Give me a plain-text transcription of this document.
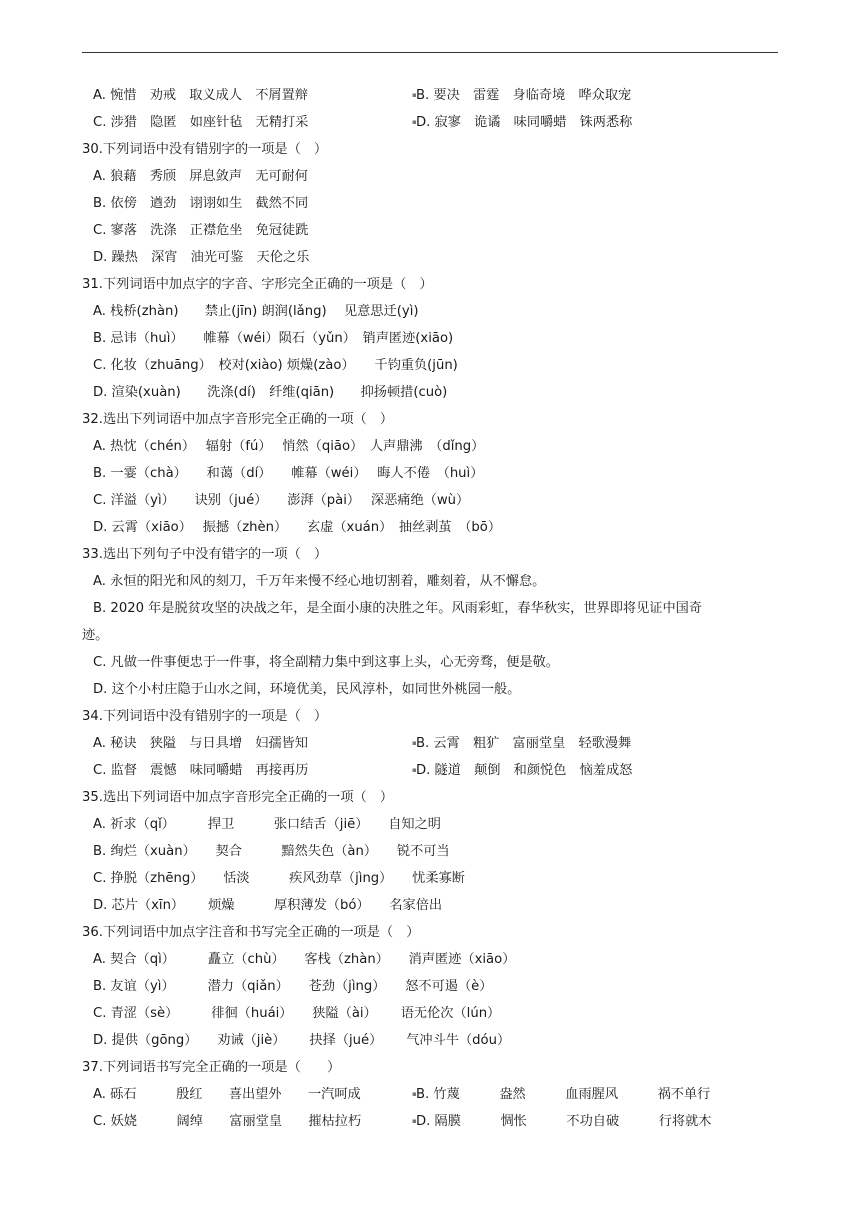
A. 惋惜　劝戒　取义成人　不屑置辩	▪ B. 要决　雷霆　身临奇境　哗众取宠
C. 涉猎　隐匿　如座针毡　无精打采	▪ D. 寂寥　诡谲　味同嚼蜡　铢两悉称
30.下列词语中没有错别字的一项是（　）
A. 狼藉　秀颀　屏息敛声　无可耐何
B. 依傍　遒劲　诩诩如生　截然不同
C. 寥落　洗涤　正襟危坐　免冠徒跣
D. 躁热　深宵　油光可鉴　天伦之乐
31.下列词语中加点字的字音、字形完全正确的一项是（　）
A. 栈桥(zhàn)　　禁止(jīn) 朗润(lǎng)　 见意思迁(yì)
B. 忌讳（huì）　　帷幕（wéi）陨石（yǔn）　销声匿迹(xiāo)
C. 化妆（zhuāng）　校对(xiào) 烦燥(zào）　　千钧重负(jūn)
D. 渲染(xuàn)　　洗涤(dí)　纤维(qiān)　　抑扬顿措(cuò)
32.选出下列词语中加点字音形完全正确的一项（　）
A. 热忱（chén）　 辐射（fú）　 悄然（qiāo）　人声鼎沸　（dǐng）
B. 一霎（chà）　　和蔼（dí）　　帷幕（wéi）　 晦人不倦　（huì）
C. 洋溢（yì）　　诀别（jué）　　澎湃（pài）　 深恶痛绝（wù）
D. 云霄（xiāo）　 振撼（zhèn）　　玄虚（xuán）　抽丝剥茧　（bō）
33.选出下列句子中没有错字的一项（　）
A. 永恒的阳光和风的刻刀，千万年来慢不经心地切割着，雕刻着，从不懈怠。
B. 2020 年是脱贫攻坚的决战之年，是全面小康的决胜之年。风雨彩虹，春华秋实，世界即将见证中国奇
迹。
C. 凡做一件事便忠于一件事，将全副精力集中到这事上头，心无旁骛，便是敬。
D. 这个小村庄隐于山水之间，环境优美，民风淳朴，如同世外桃园一般。
34.下列词语中没有错别字的一项是（　）
A. 秘诀　狭隘　与日具增　妇孺皆知	▪ B. 云霄　粗犷　富丽堂皇　轻歌漫舞
C. 监督　震憾　味同嚼蜡　再接再历	▪ D. 隧道　颠倒　和颜悦色　恼羞成怒
35.选出下列词语中加点字音形完全正确的一项（　）
A. 祈求（qǐ）　　　捍卫　　　张口结舌（jiē）　　自知之明
B. 绚烂（xuàn）　　契合　　　黯然失色（àn）　　锐不可当
C. 挣脱（zhēng）　　恬淡　　　疾风劲草（jìng）　　忧柔寡断
D. 芯片（xīn）　　 烦燥　　　厚积薄发（bó）　　名家倍出
36.下列词语中加点字注音和书写完全正确的一项是（　）
A. 契合（qì）　　　矗立（chù）　　客栈（zhàn）　　消声匿迹（xiāo）
B. 友谊（yì）　　　潜力（qiǎn）　　苍劲（jìng）　　怒不可遏（è）
C. 青涩（sè）　　　徘徊（huái）　　狭隘（ài）　　 语无伦次（lún）
D. 提供（gōng）　　劝诫（jiè）　　 抉择（jué）　　 气冲斗牛（dóu）
37.下列词语书写完全正确的一项是（　　）
A. 砾石　　　殷红　　喜出望外　　一汽呵成	▪ B. 竹蔑　　　盎然　　　血雨腥风　　　祸不单行
C. 妖娆　　　阔绰　　富丽堂皇　　摧枯拉朽	▪ D. 隔膜　　　惆怅　　　不功自破　　　行将就木
